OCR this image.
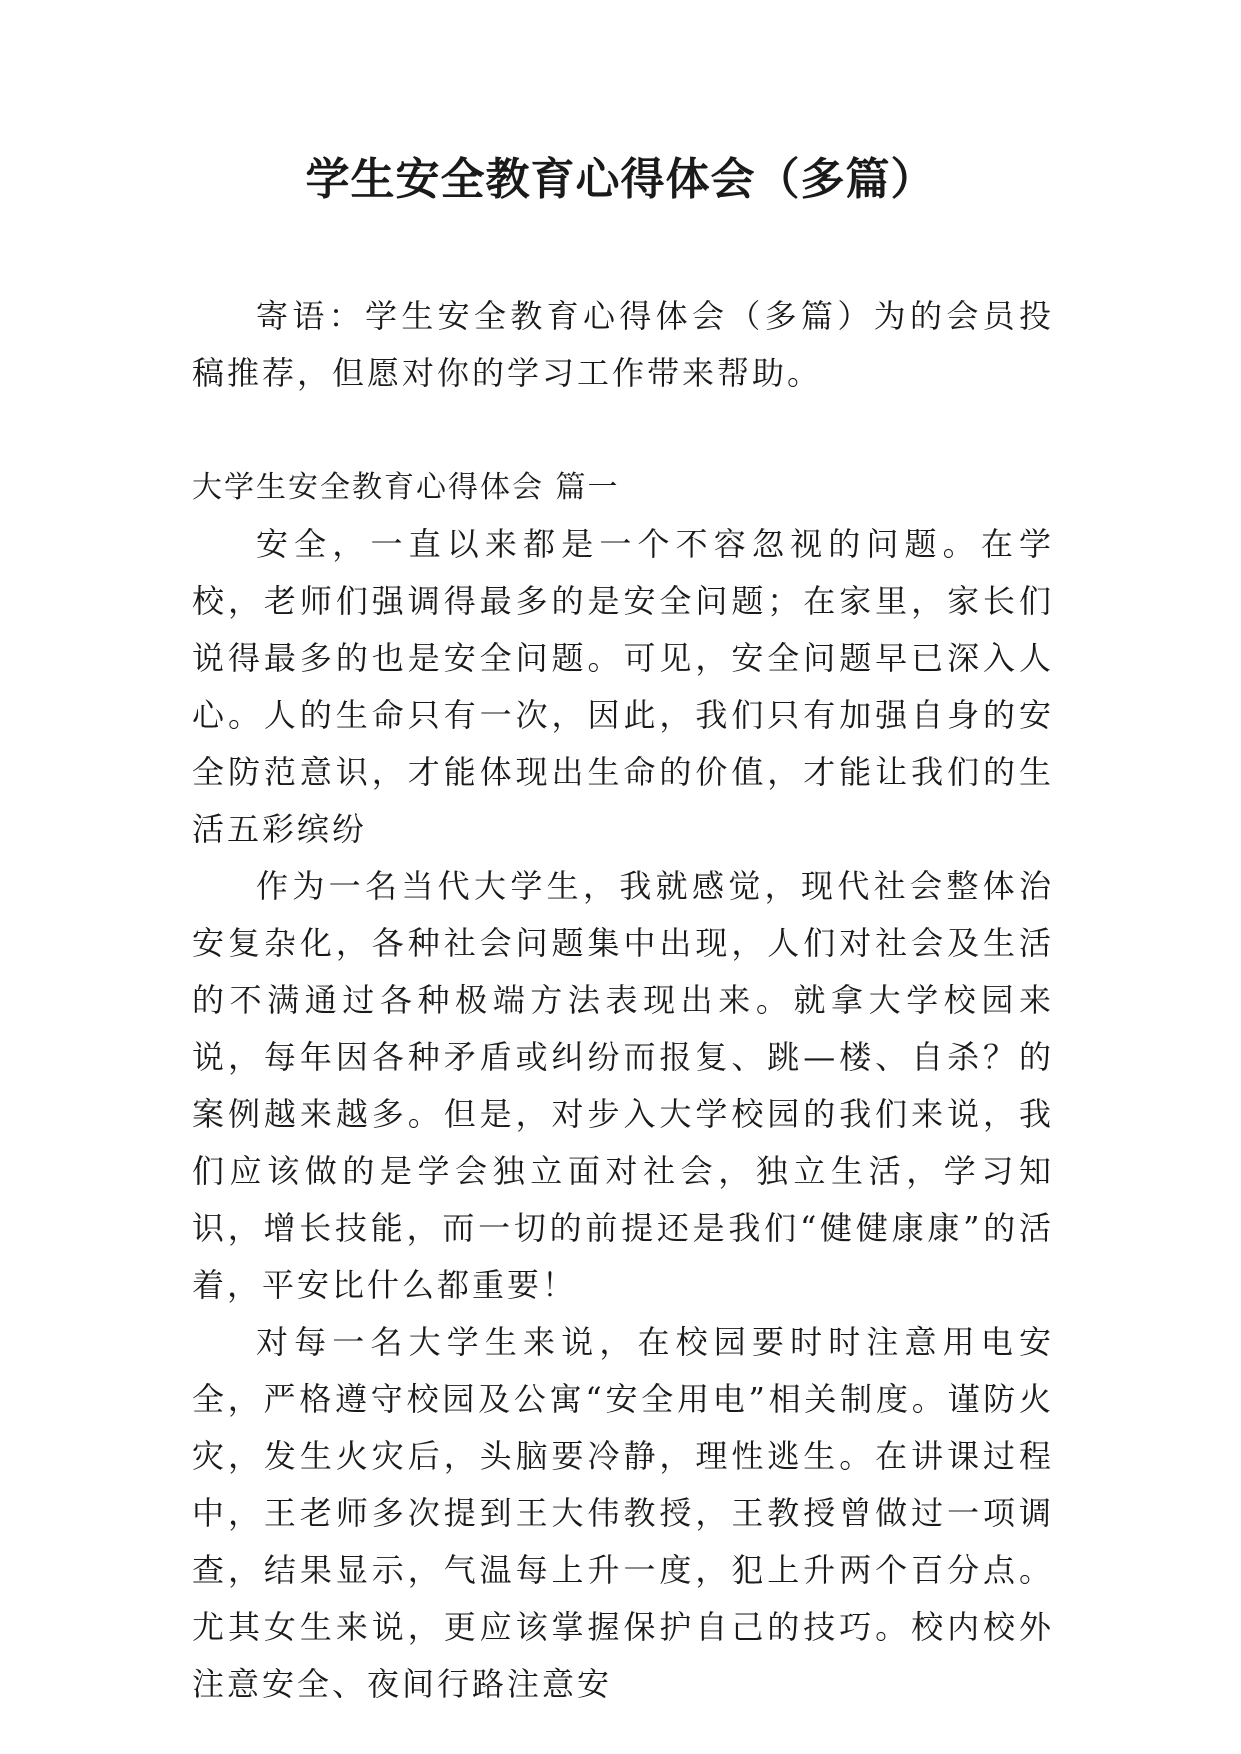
学生安全教育心得体会（多篇）

寄语：学生安全教育心得体会（多篇）为的会员投稿推荐，但愿对你的学习工作带来帮助。

大学生安全教育心得体会 篇一

安全，一直以来都是一个不容忽视的问题。在学校，老师们强调得最多的是安全问题；在家里，家长们说得最多的也是安全问题。可见，安全问题早已深入人心。人的生命只有一次，因此，我们只有加强自身的安全防范意识，才能体现出生命的价值，才能让我们的生活五彩缤纷

作为一名当代大学生，我就感觉，现代社会整体治安复杂化，各种社会问题集中出现，人们对社会及生活的不满通过各种极端方法表现出来。就拿大学校园来说，每年因各种矛盾或纠纷而报复、跳—楼、自杀？的案例越来越多。但是，对步入大学校园的我们来说，我们应该做的是学会独立面对社会，独立生活，学习知识，增长技能，而一切的前提还是我们“健健康康”的活着，平安比什么都重要！

对每一名大学生来说，在校园要时时注意用电安全，严格遵守校园及公寓“安全用电”相关制度。谨防火灾，发生火灾后，头脑要冷静，理性逃生。在讲课过程中，王老师多次提到王大伟教授，王教授曾做过一项调查，结果显示，气温每上升一度，犯上升两个百分点。尤其女生来说，更应该掌握保护自己的技巧。校内校外注意安全、夜间行路注意安
